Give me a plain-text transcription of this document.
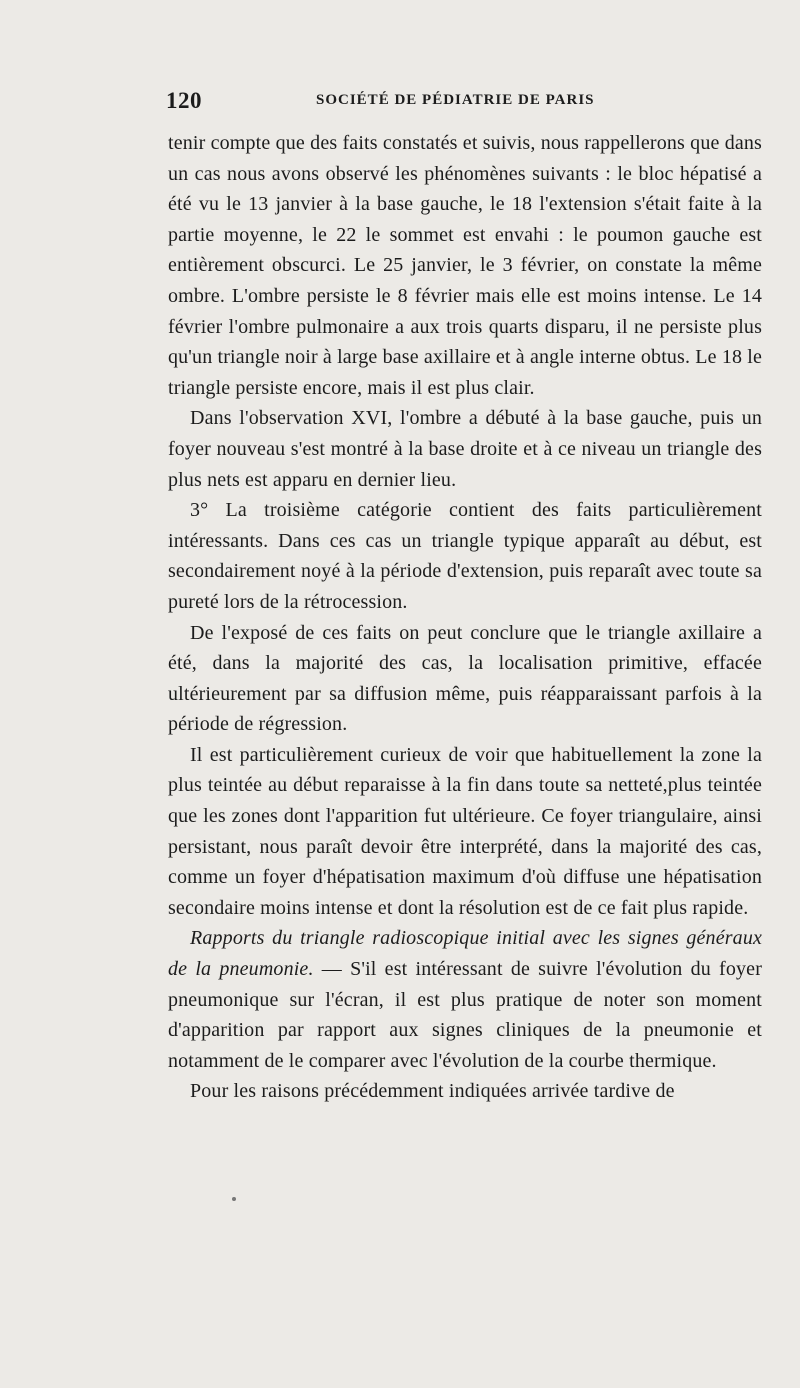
120	SOCIÉTÉ DE PÉDIATRIE DE PARIS

tenir compte que des faits constatés et suivis, nous rappellerons que dans un cas nous avons observé les phénomènes suivants : le bloc hépatisé a été vu le 13 janvier à la base gauche, le 18 l'extension s'était faite à la partie moyenne, le 22 le sommet est envahi : le poumon gauche est entièrement obscurci. Le 25 janvier, le 3 février, on constate la même ombre. L'ombre persiste le 8 février mais elle est moins intense. Le 14 février l'ombre pulmonaire a aux trois quarts disparu, il ne persiste plus qu'un triangle noir à large base axillaire et à angle interne obtus. Le 18 le triangle persiste encore, mais il est plus clair.

Dans l'observation XVI, l'ombre a débuté à la base gauche, puis un foyer nouveau s'est montré à la base droite et à ce niveau un triangle des plus nets est apparu en dernier lieu.

3° La troisième catégorie contient des faits particulièrement intéressants. Dans ces cas un triangle typique apparaît au début, est secondairement noyé à la période d'extension, puis reparaît avec toute sa pureté lors de la rétrocession.

De l'exposé de ces faits on peut conclure que le triangle axillaire a été, dans la majorité des cas, la localisation primitive, effacée ultérieurement par sa diffusion même, puis réapparaissant parfois à la période de régression.

Il est particulièrement curieux de voir que habituellement la zone la plus teintée au début reparaisse à la fin dans toute sa netteté,plus teintée que les zones dont l'apparition fut ultérieure. Ce foyer triangulaire, ainsi persistant, nous paraît devoir être interprété, dans la majorité des cas, comme un foyer d'hépatisation maximum d'où diffuse une hépatisation secondaire moins intense et dont la résolution est de ce fait plus rapide.

Rapports du triangle radioscopique initial avec les signes généraux de la pneumonie. — S'il est intéressant de suivre l'évolution du foyer pneumonique sur l'écran, il est plus pratique de noter son moment d'apparition par rapport aux signes cliniques de la pneumonie et notamment de le comparer avec l'évolution de la courbe thermique.

Pour les raisons précédemment indiquées arrivée tardive de
